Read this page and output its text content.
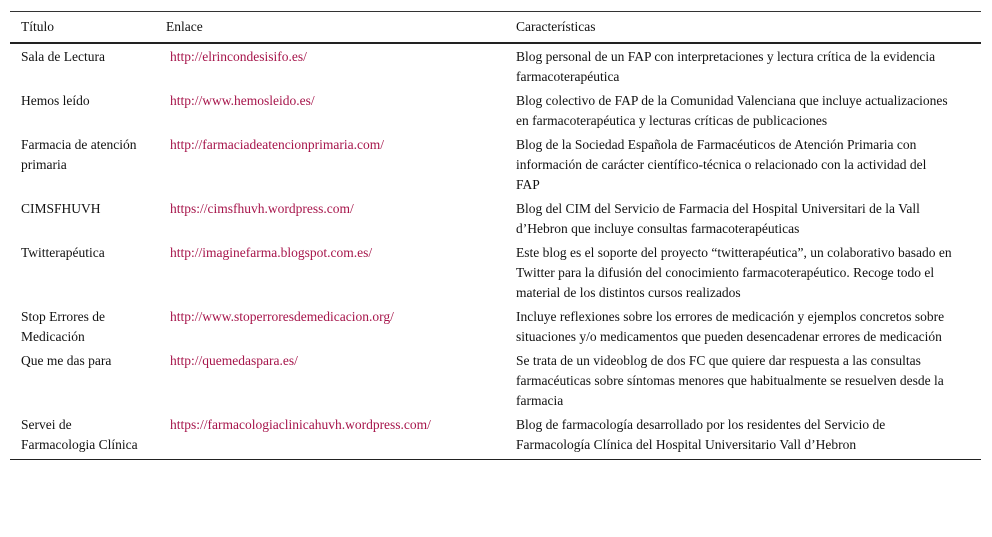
Título	Enlace	Características
Sala de Lectura	http://elrincondesisifo.es/	Blog personal de un FAP con interpretaciones y lectura crítica de la evidencia farmacoterapéutica
Hemos leído	http://www.hemosleido.es/	Blog colectivo de FAP de la Comunidad Valenciana que incluye actualizaciones en farmacoterapéutica y lecturas críticas de publicaciones
Farmacia de atención primaria	http://farmaciadeatencionprimaria.com/	Blog de la Sociedad Española de Farmacéuticos de Atención Primaria con información de carácter científico-técnica o relacionado con la actividad del FAP
CIMSFHUVH	https://cimsfhuvh.wordpress.com/	Blog del CIM del Servicio de Farmacia del Hospital Universitari de la Vall d’Hebron que incluye consultas farmacoterapéuticas
Twitterapéutica	http://imaginefarma.blogspot.com.es/	Este blog es el soporte del proyecto “twitterapéutica”, un colaborativo basado en Twitter para la difusión del conocimiento farmacoterapéutico. Recoge todo el material de los distintos cursos realizados
Stop Errores de Medicación	http://www.stoperroresdemedicacion.org/	Incluye reflexiones sobre los errores de medicación y ejemplos concretos sobre situaciones y/o medicamentos que pueden desencadenar errores de medicación
Que me das para	http://quemedaspara.es/	Se trata de un videoblog de dos FC que quiere dar respuesta a las consultas farmacéuticas sobre síntomas menores que habitualmente se resuelven desde la farmacia
Servei de Farmacologia Clínica	https://farmacologiaclinicahuvh.wordpress.com/	Blog de farmacología desarrollado por los residentes del Servicio de Farmacología Clínica del Hospital Universitario Vall d’Hebron
